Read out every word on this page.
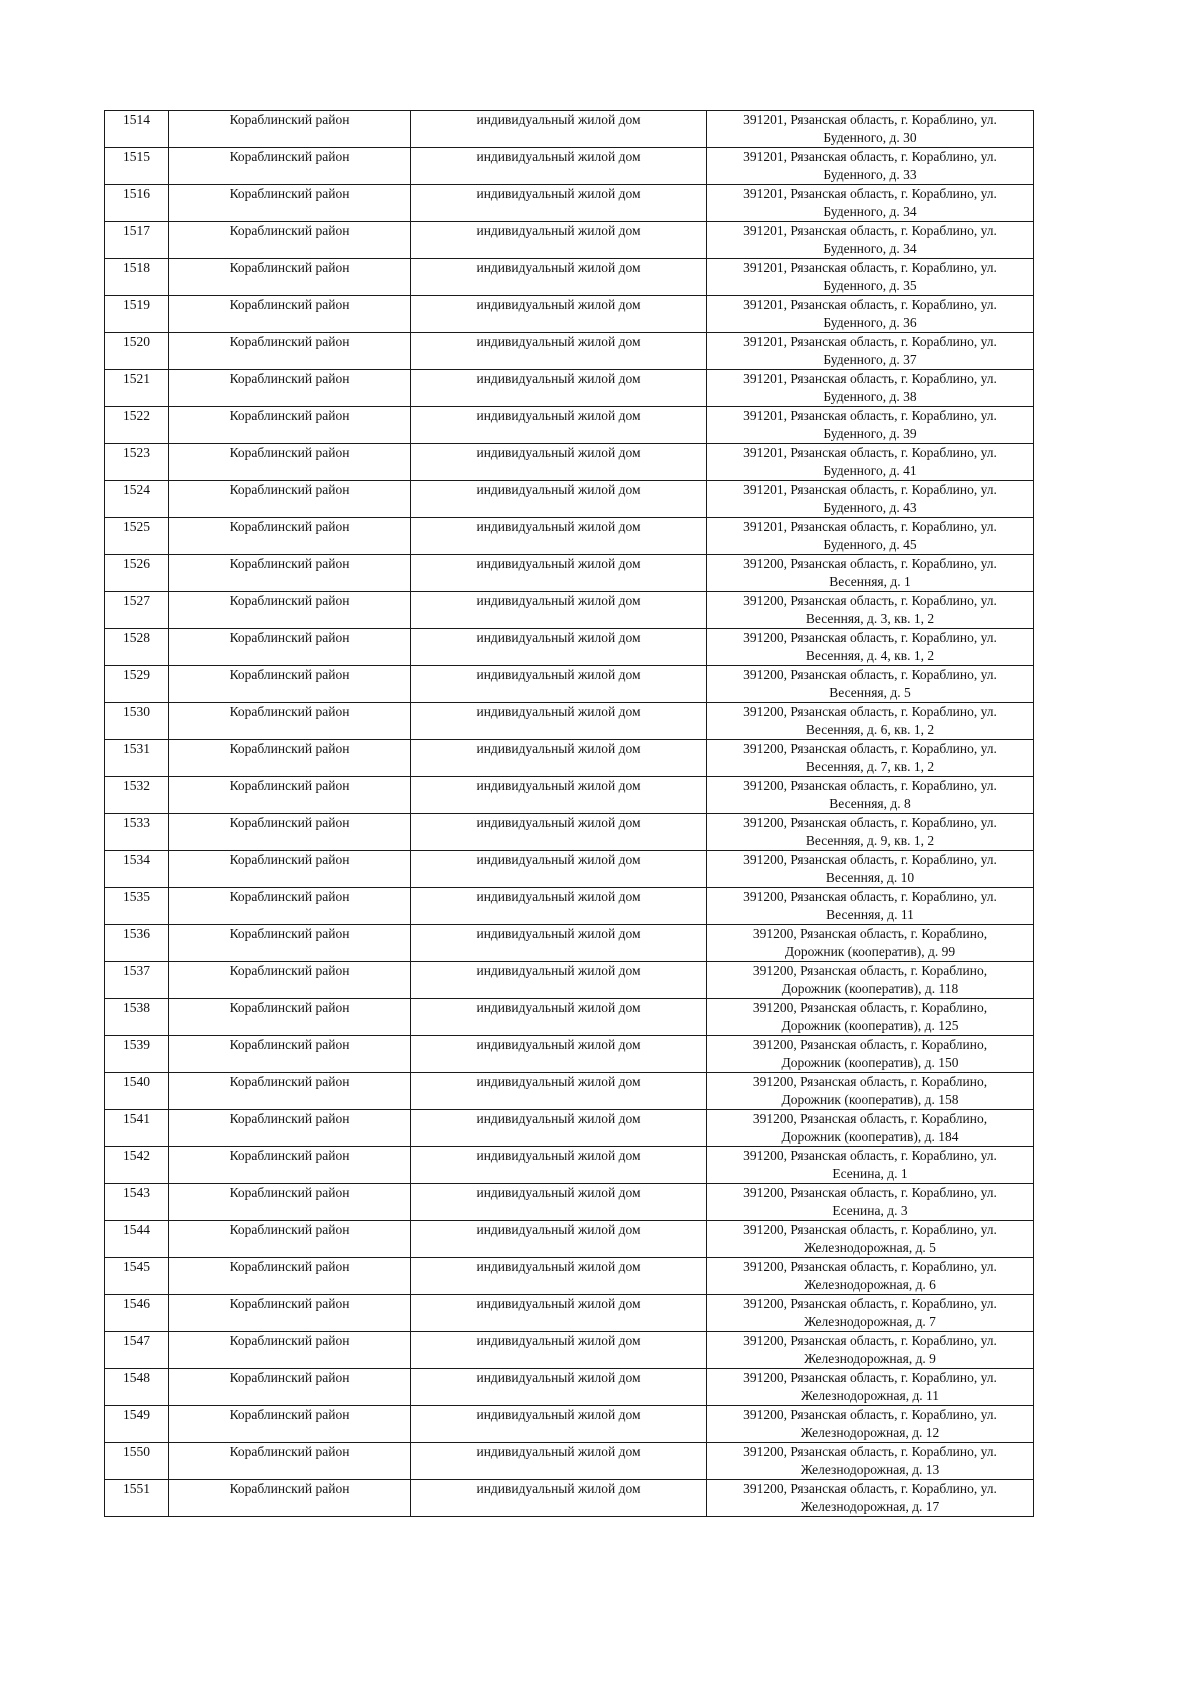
1514	Кораблинский район	индивидуальный жилой дом	391201, Рязанская область, г. Кораблино, ул.
Буденного, д. 30

1515	Кораблинский район	индивидуальный жилой дом	391201, Рязанская область, г. Кораблино, ул.
Буденного, д. 33

1516	Кораблинский район	индивидуальный жилой дом	391201, Рязанская область, г. Кораблино, ул.
Буденного, д. 34

1517	Кораблинский район	индивидуальный жилой дом	391201, Рязанская область, г. Кораблино, ул.
Буденного, д. 34

1518	Кораблинский район	индивидуальный жилой дом	391201, Рязанская область, г. Кораблино, ул.
Буденного, д. 35

1519	Кораблинский район	индивидуальный жилой дом	391201, Рязанская область, г. Кораблино, ул.
Буденного, д. 36

1520	Кораблинский район	индивидуальный жилой дом	391201, Рязанская область, г. Кораблино, ул.
Буденного, д. 37

1521	Кораблинский район	индивидуальный жилой дом	391201, Рязанская область, г. Кораблино, ул.
Буденного, д. 38

1522	Кораблинский район	индивидуальный жилой дом	391201, Рязанская область, г. Кораблино, ул.
Буденного, д. 39

1523	Кораблинский район	индивидуальный жилой дом	391201, Рязанская область, г. Кораблино, ул.
Буденного, д. 41

1524	Кораблинский район	индивидуальный жилой дом	391201, Рязанская область, г. Кораблино, ул.
Буденного, д. 43

1525	Кораблинский район	индивидуальный жилой дом	391201, Рязанская область, г. Кораблино, ул.
Буденного, д. 45

1526	Кораблинский район	индивидуальный жилой дом	391200, Рязанская область, г. Кораблино, ул.
Весенняя, д. 1

1527	Кораблинский район	индивидуальный жилой дом	391200, Рязанская область, г. Кораблино, ул.
Весенняя, д. 3, кв. 1, 2

1528	Кораблинский район	индивидуальный жилой дом	391200, Рязанская область, г. Кораблино, ул.
Весенняя, д. 4, кв. 1, 2

1529	Кораблинский район	индивидуальный жилой дом	391200, Рязанская область, г. Кораблино, ул.
Весенняя, д. 5

1530	Кораблинский район	индивидуальный жилой дом	391200, Рязанская область, г. Кораблино, ул.
Весенняя, д. 6, кв. 1, 2

1531	Кораблинский район	индивидуальный жилой дом	391200, Рязанская область, г. Кораблино, ул.
Весенняя, д. 7, кв. 1, 2

1532	Кораблинский район	индивидуальный жилой дом	391200, Рязанская область, г. Кораблино, ул.
Весенняя, д. 8

1533	Кораблинский район	индивидуальный жилой дом	391200, Рязанская область, г. Кораблино, ул.
Весенняя, д. 9, кв. 1, 2

1534	Кораблинский район	индивидуальный жилой дом	391200, Рязанская область, г. Кораблино, ул.
Весенняя, д. 10

1535	Кораблинский район	индивидуальный жилой дом	391200, Рязанская область, г. Кораблино, ул.
Весенняя, д. 11

1536	Кораблинский район	индивидуальный жилой дом	391200, Рязанская область, г. Кораблино,
Дорожник (кооператив), д. 99

1537	Кораблинский район	индивидуальный жилой дом	391200, Рязанская область, г. Кораблино,
Дорожник (кооператив), д. 118

1538	Кораблинский район	индивидуальный жилой дом	391200, Рязанская область, г. Кораблино,
Дорожник (кооператив), д. 125

1539	Кораблинский район	индивидуальный жилой дом	391200, Рязанская область, г. Кораблино,
Дорожник (кооператив), д. 150

1540	Кораблинский район	индивидуальный жилой дом	391200, Рязанская область, г. Кораблино,
Дорожник (кооператив), д. 158

1541	Кораблинский район	индивидуальный жилой дом	391200, Рязанская область, г. Кораблино,
Дорожник (кооператив), д. 184

1542	Кораблинский район	индивидуальный жилой дом	391200, Рязанская область, г. Кораблино, ул.
Есенина, д. 1

1543	Кораблинский район	индивидуальный жилой дом	391200, Рязанская область, г. Кораблино, ул.
Есенина, д. 3

1544	Кораблинский район	индивидуальный жилой дом	391200, Рязанская область, г. Кораблино, ул.
Железнодорожная, д. 5

1545	Кораблинский район	индивидуальный жилой дом	391200, Рязанская область, г. Кораблино, ул.
Железнодорожная, д. 6

1546	Кораблинский район	индивидуальный жилой дом	391200, Рязанская область, г. Кораблино, ул.
Железнодорожная, д. 7

1547	Кораблинский район	индивидуальный жилой дом	391200, Рязанская область, г. Кораблино, ул.
Железнодорожная, д. 9

1548	Кораблинский район	индивидуальный жилой дом	391200, Рязанская область, г. Кораблино, ул.
Железнодорожная, д. 11

1549	Кораблинский район	индивидуальный жилой дом	391200, Рязанская область, г. Кораблино, ул.
Железнодорожная, д. 12

1550	Кораблинский район	индивидуальный жилой дом	391200, Рязанская область, г. Кораблино, ул.
Железнодорожная, д. 13

1551	Кораблинский район	индивидуальный жилой дом	391200, Рязанская область, г. Кораблино, ул.
Железнодорожная, д. 17
